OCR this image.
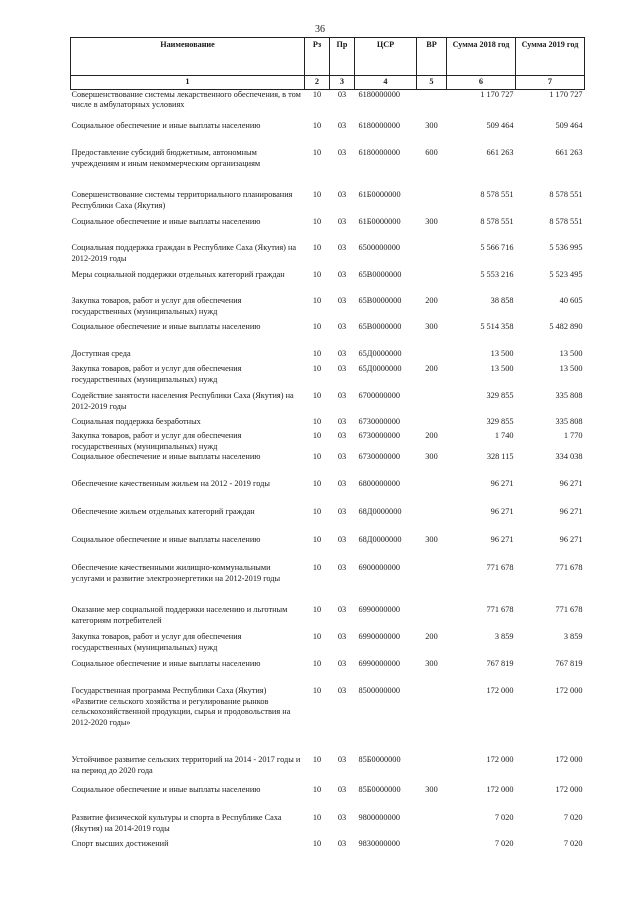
36
Наименование	Рз	Пр	ЦСР	ВР	Сумма 2018 год	Сумма 2019 год
1	2	3	4	5	6	7
Совершенствование системы лекарственного обеспечения, в том числе в амбулаторных условиях	10	03	6180000000		1 170 727	1 170 727
Социальное обеспечение и иные выплаты населению	10	03	6180000000	300	509 464	509 464
Предоставление субсидий бюджетным, автономным учреждениям и иным некоммерческим организациям	10	03	6180000000	600	661 263	661 263
Совершенствование системы территориального планирования Республики Саха (Якутия)	10	03	61Б0000000		8 578 551	8 578 551
Социальное обеспечение и иные выплаты населению	10	03	61Б0000000	300	8 578 551	8 578 551
Социальная поддержка граждан в Республике Саха (Якутия) на 2012-2019 годы	10	03	6500000000		5 566 716	5 536 995
Меры социальной поддержки отдельных категорий граждан	10	03	65В0000000		5 553 216	5 523 495
Закупка товаров, работ и услуг для обеспечения государственных (муниципальных) нужд	10	03	65В0000000	200	38 858	40 605
Социальное обеспечение и иные выплаты населению	10	03	65В0000000	300	5 514 358	5 482 890
Доступная среда	10	03	65Д0000000		13 500	13 500
Закупка товаров, работ и услуг для обеспечения государственных (муниципальных) нужд	10	03	65Д0000000	200	13 500	13 500
Содействие занятости населения Республики Саха (Якутия) на 2012-2019 годы	10	03	6700000000		329 855	335 808
Социальная поддержка безработных	10	03	6730000000		329 855	335 808
Закупка товаров, работ и услуг для обеспечения государственных (муниципальных) нужд	10	03	6730000000	200	1 740	1 770
Социальное обеспечение и иные выплаты населению	10	03	6730000000	300	328 115	334 038
Обеспечение качественным жильем на 2012 - 2019 годы	10	03	6800000000		96 271	96 271
Обеспечение жильем отдельных категорий граждан	10	03	68Д0000000		96 271	96 271
Социальное обеспечение и иные выплаты населению	10	03	68Д0000000	300	96 271	96 271
Обеспечение качественными жилищно-коммунальными услугами и развитие электроэнергетики на 2012-2019 годы	10	03	6900000000		771 678	771 678
Оказание мер социальной поддержки населению и льготным категориям потребителей	10	03	6990000000		771 678	771 678
Закупка товаров, работ и услуг для обеспечения государственных (муниципальных) нужд	10	03	6990000000	200	3 859	3 859
Социальное обеспечение и иные выплаты населению	10	03	6990000000	300	767 819	767 819
Государственная программа Республики Саха (Якутия) «Развитие сельского хозяйства и регулирование рынков сельскохозяйственной продукции, сырья и продовольствия на 2012-2020 годы»	10	03	8500000000		172 000	172 000
Устойчивое развитие сельских территорий на 2014 - 2017 годы и на период до 2020 года	10	03	85Б0000000		172 000	172 000
Социальное обеспечение и иные выплаты населению	10	03	85Б0000000	300	172 000	172 000
Развитие физической культуры и спорта в Республике Саха (Якутия) на 2014-2019 годы	10	03	9800000000		7 020	7 020
Спорт высших достижений	10	03	9830000000		7 020	7 020
